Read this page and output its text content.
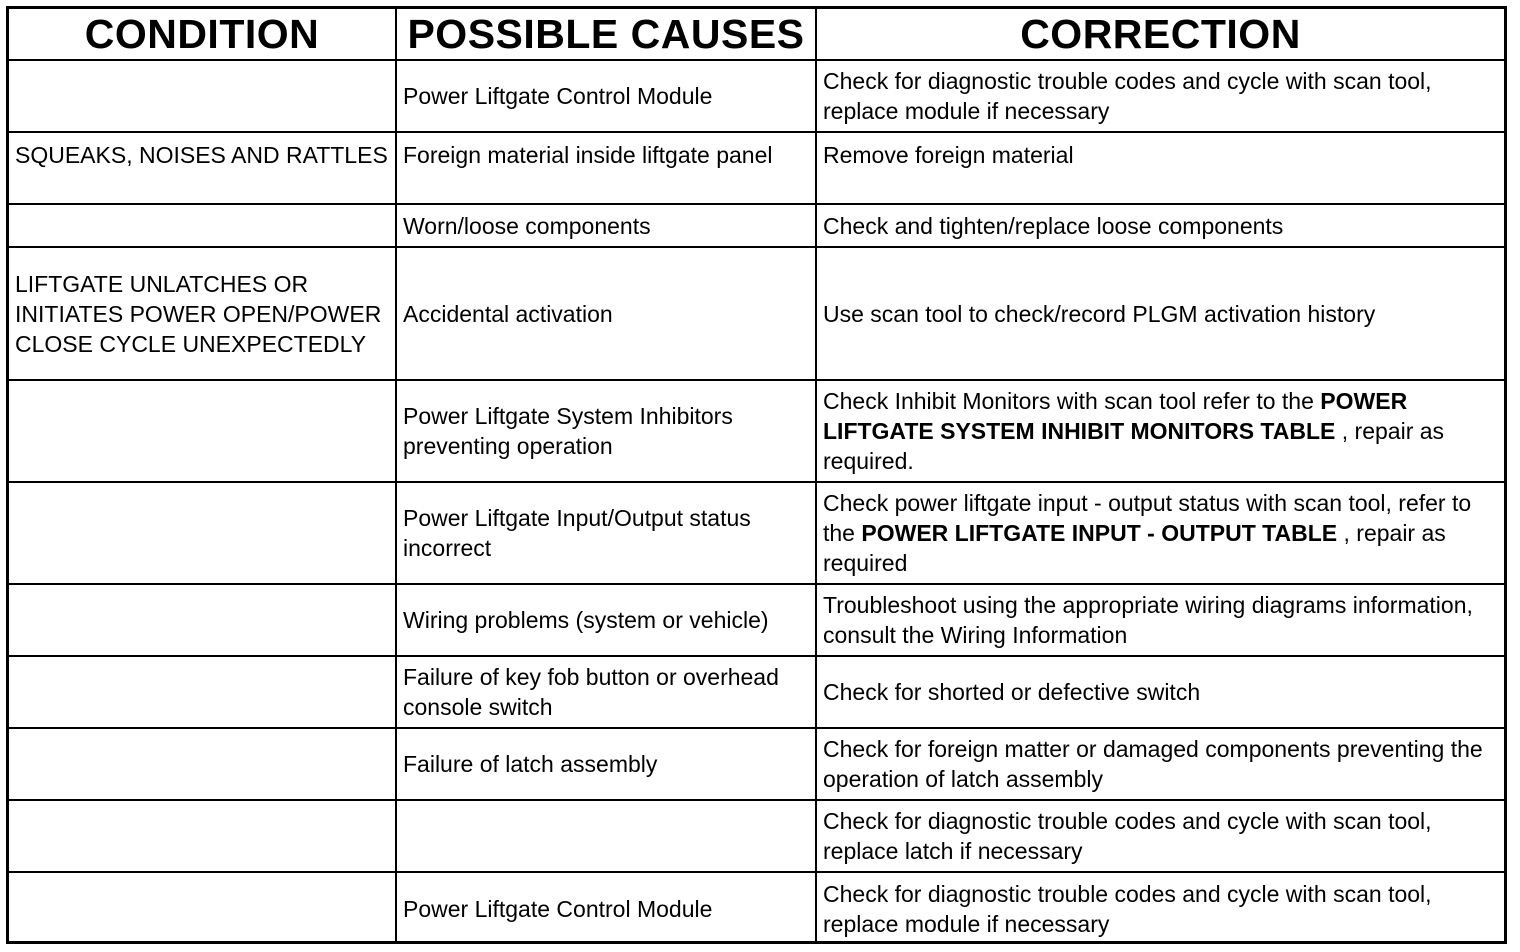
CONDITION	POSSIBLE CAUSES	CORRECTION
	Power Liftgate Control Module	Check for diagnostic trouble codes and cycle with scan tool, replace module if necessary
SQUEAKS, NOISES AND RATTLES	Foreign material inside liftgate panel	Remove foreign material
	Worn/loose components	Check and tighten/replace loose components
LIFTGATE UNLATCHES OR INITIATES POWER OPEN/POWER CLOSE CYCLE UNEXPECTEDLY	Accidental activation	Use scan tool to check/record PLGM activation history
	Power Liftgate System Inhibitors preventing operation	Check Inhibit Monitors with scan tool refer to the POWER LIFTGATE SYSTEM INHIBIT MONITORS TABLE , repair as required.
	Power Liftgate Input/Output status incorrect	Check power liftgate input - output status with scan tool, refer to the POWER LIFTGATE INPUT - OUTPUT TABLE , repair as required
	Wiring problems (system or vehicle)	Troubleshoot using the appropriate wiring diagrams information, consult the Wiring Information
	Failure of key fob button or overhead console switch	Check for shorted or defective switch
	Failure of latch assembly	Check for foreign matter or damaged components preventing the operation of latch assembly
		Check for diagnostic trouble codes and cycle with scan tool, replace latch if necessary
	Power Liftgate Control Module	Check for diagnostic trouble codes and cycle with scan tool, replace module if necessary
